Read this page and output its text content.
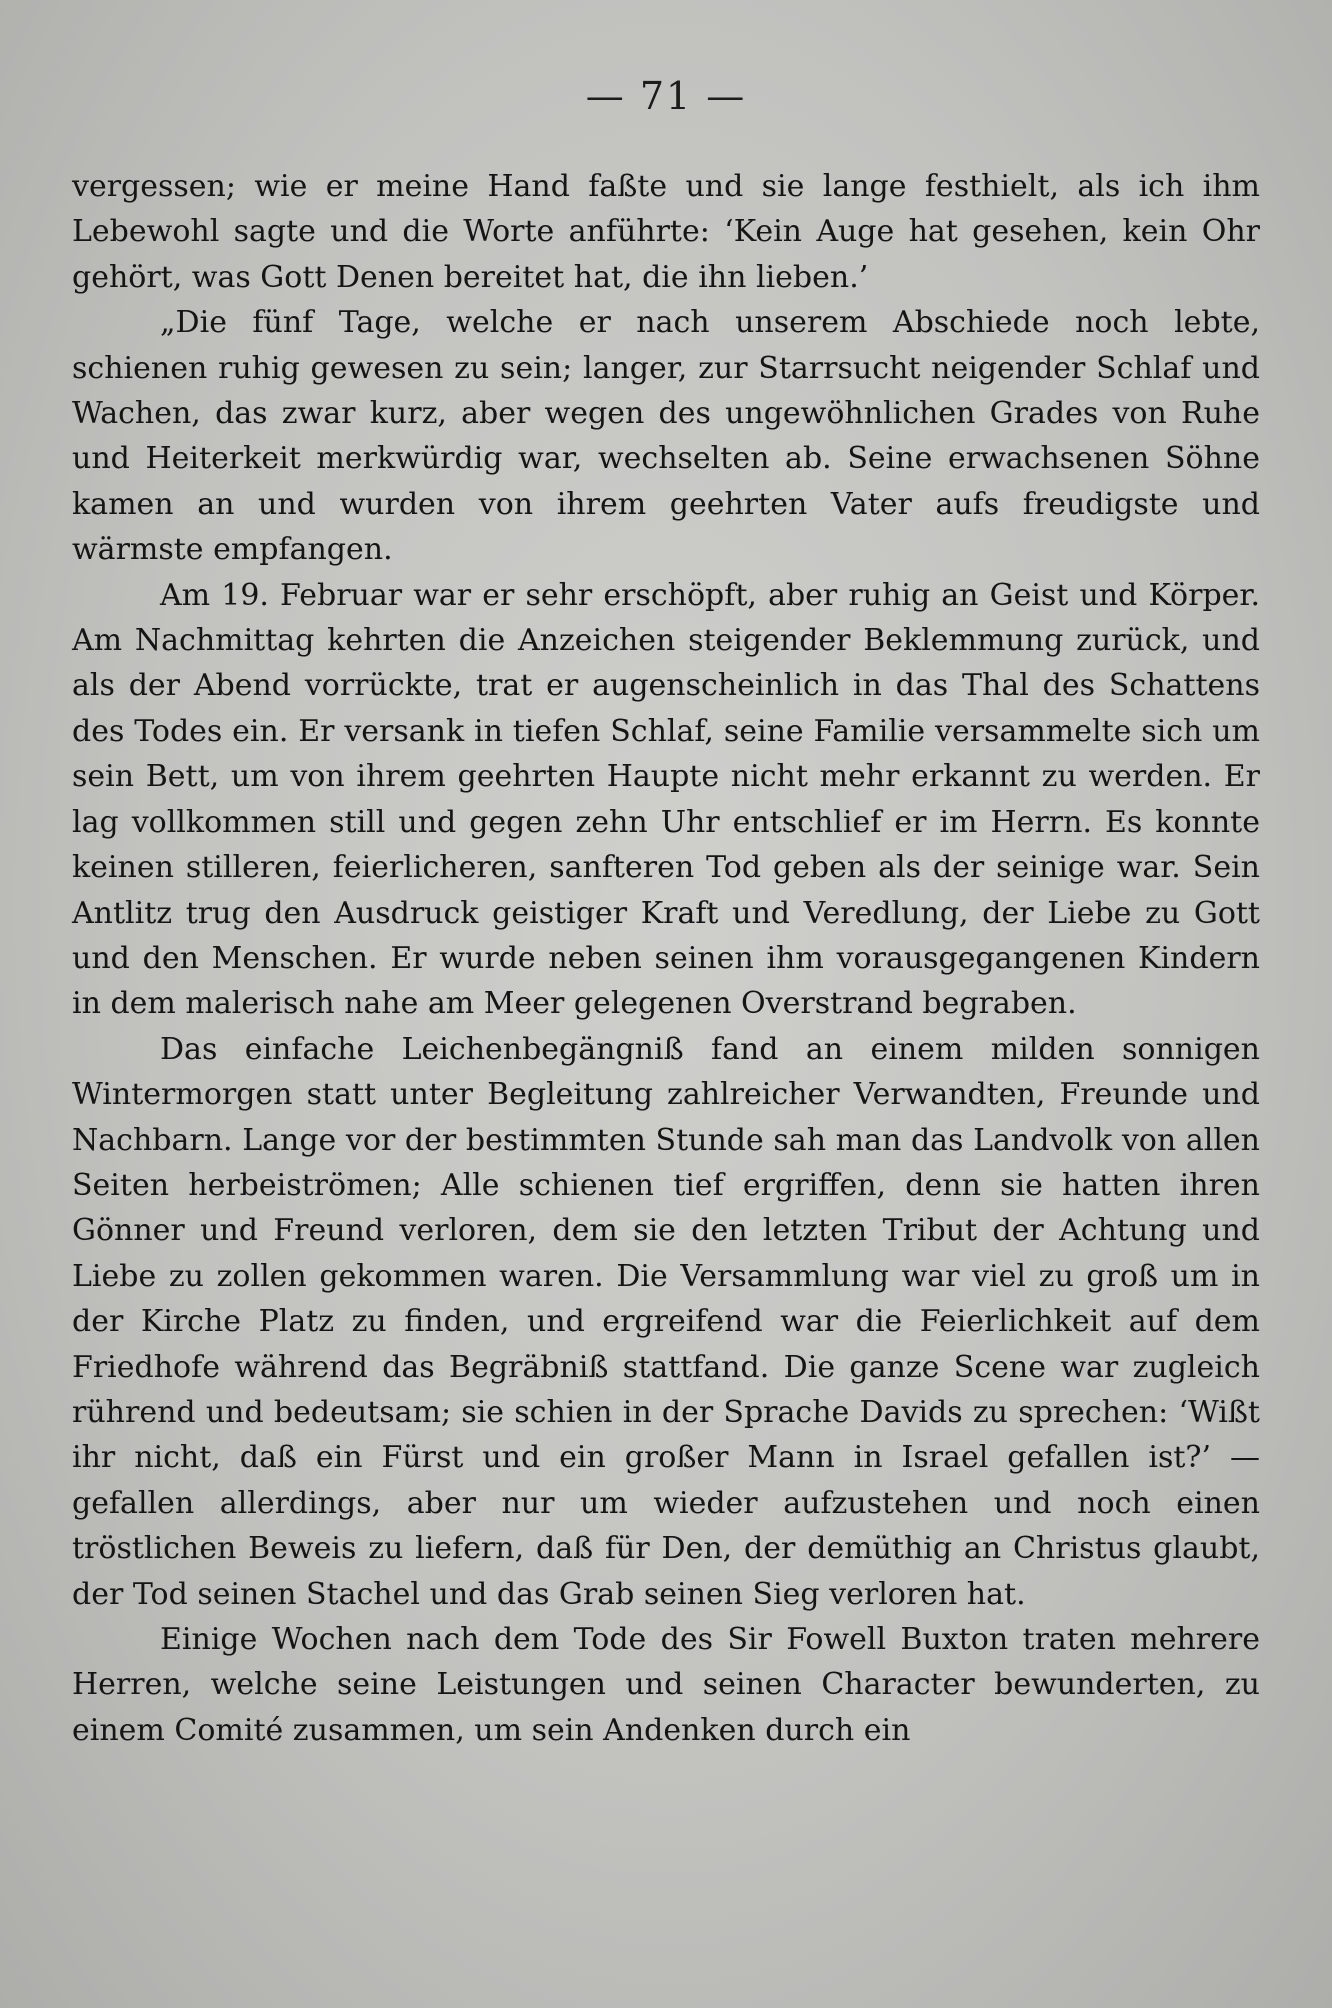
— 71 —

vergessen; wie er meine Hand faßte und sie lange festhielt, als ich ihm Lebewohl sagte und die Worte anführte: ‘Kein Auge hat gesehen, kein Ohr gehört, was Gott Denen bereitet hat, die ihn lieben.’

„Die fünf Tage, welche er nach unserem Abschiede noch lebte, schienen ruhig gewesen zu sein; langer, zur Starrsucht neigender Schlaf und Wachen, das zwar kurz, aber wegen des ungewöhnlichen Grades von Ruhe und Heiterkeit merkwürdig war, wechselten ab. Seine erwachsenen Söhne kamen an und wurden von ihrem geehrten Vater aufs freudigste und wärmste empfangen.

Am 19. Februar war er sehr erschöpft, aber ruhig an Geist und Körper. Am Nachmittag kehrten die Anzeichen steigender Beklemmung zurück, und als der Abend vorrückte, trat er augenscheinlich in das Thal des Schattens des Todes ein. Er versank in tiefen Schlaf, seine Familie versammelte sich um sein Bett, um von ihrem geehrten Haupte nicht mehr erkannt zu werden. Er lag vollkommen still und gegen zehn Uhr entschlief er im Herrn. Es konnte keinen stilleren, feierlicheren, sanfteren Tod geben als der seinige war. Sein Antlitz trug den Ausdruck geistiger Kraft und Veredlung, der Liebe zu Gott und den Menschen. Er wurde neben seinen ihm vorausgegangenen Kindern in dem malerisch nahe am Meer gelegenen Overstrand begraben.

Das einfache Leichenbegängniß fand an einem milden sonnigen Wintermorgen statt unter Begleitung zahlreicher Verwandten, Freunde und Nachbarn. Lange vor der bestimmten Stunde sah man das Landvolk von allen Seiten herbeiströmen; Alle schienen tief ergriffen, denn sie hatten ihren Gönner und Freund verloren, dem sie den letzten Tribut der Achtung und Liebe zu zollen gekommen waren. Die Versammlung war viel zu groß um in der Kirche Platz zu finden, und ergreifend war die Feierlichkeit auf dem Friedhofe während das Begräbniß stattfand. Die ganze Scene war zugleich rührend und bedeutsam; sie schien in der Sprache Davids zu sprechen: ‘Wißt ihr nicht, daß ein Fürst und ein großer Mann in Israel gefallen ist?’ — gefallen allerdings, aber nur um wieder aufzustehen und noch einen tröstlichen Beweis zu liefern, daß für Den, der demüthig an Christus glaubt, der Tod seinen Stachel und das Grab seinen Sieg verloren hat.

Einige Wochen nach dem Tode des Sir Fowell Buxton traten mehrere Herren, welche seine Leistungen und seinen Character bewunderten, zu einem Comité zusammen, um sein Andenken durch ein
